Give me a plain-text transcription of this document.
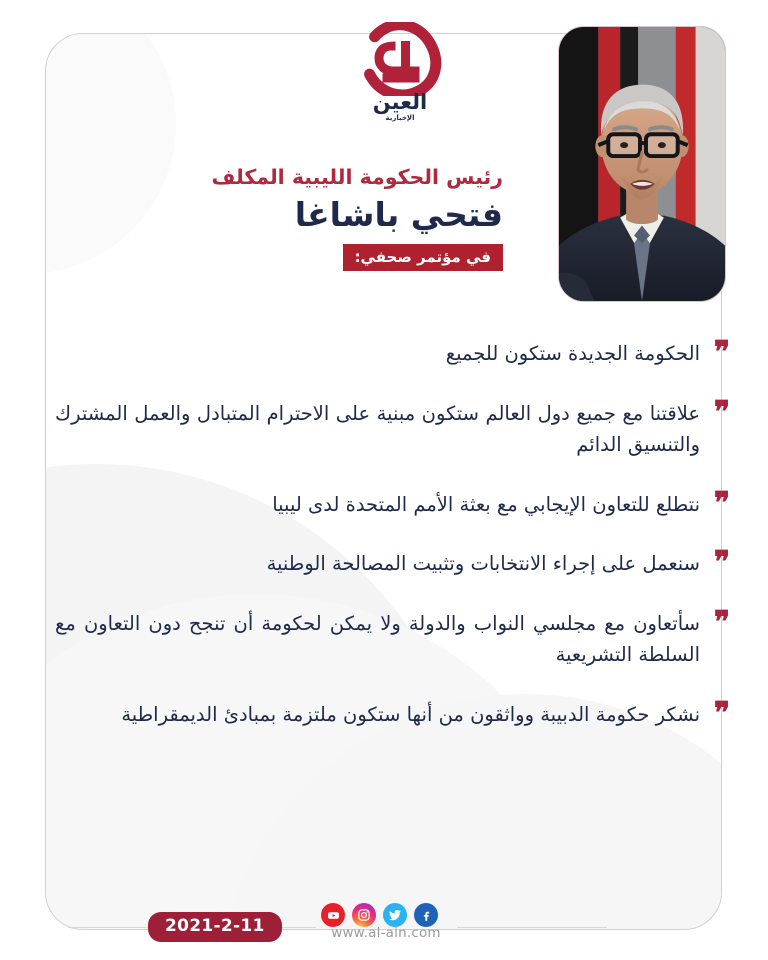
العين
الإخبارية
رئيس الحكومة الليبية المكلف
فتحي باشاغا
في مؤتمر صحفي:
❞
الحكومة الجديدة ستكون للجميع
❞
علاقتنا مع جميع دول العالم ستكون مبنية على الاحترام المتبادل والعمل المشترك والتنسيق الدائم
❞
نتطلع للتعاون الإيجابي مع بعثة الأمم المتحدة لدى ليبيا
❞
سنعمل على إجراء الانتخابات وتثبيت المصالحة الوطنية
❞
سأتعاون مع مجلسي النواب والدولة ولا يمكن لحكومة أن تنجح دون التعاون مع السلطة التشريعية
❞
نشكر حكومة الدبيبة وواثقون من أنها ستكون ملتزمة بمبادئ الديمقراطية
2021-2-11	www.al-ain.com
